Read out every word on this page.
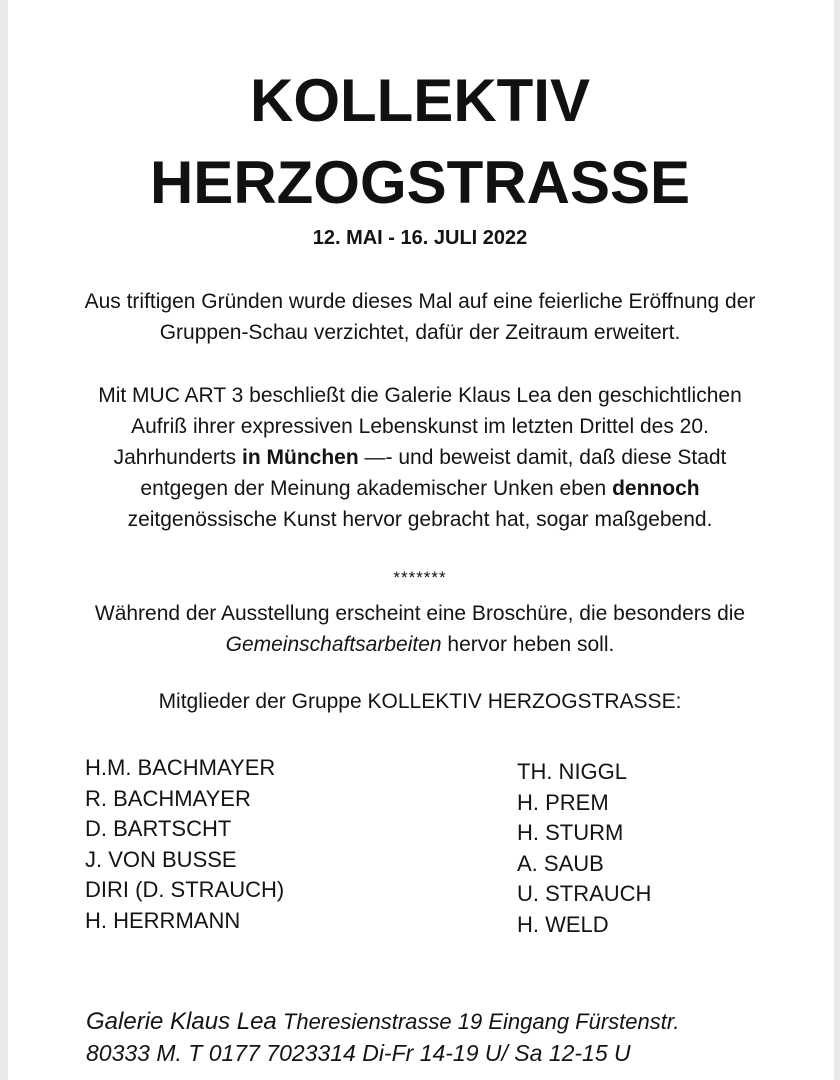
KOLLEKTIV
HERZOGSTRASSE
12. MAI - 16. JULI 2022
Aus triftigen Gründen wurde dieses Mal auf eine feierliche Eröffnung der Gruppen-Schau verzichtet, dafür der Zeitraum erweitert.
Mit MUC ART 3 beschließt die Galerie Klaus Lea den geschichtlichen Aufriß ihrer expressiven Lebenskunst im letzten Drittel des 20. Jahrhunderts in München —- und beweist damit, daß diese Stadt entgegen der Meinung akademischer Unken eben dennoch zeitgenössische Kunst hervor gebracht hat, sogar maßgebend.
*******
Während der Ausstellung erscheint eine Broschüre, die besonders die Gemeinschaftsarbeiten hervor heben soll.
Mitglieder der Gruppe KOLLEKTIV HERZOGSTRASSE:
H.M. BACHMAYER
R. BACHMAYER
D. BARTSCHT
J. VON BUSSE
DIRI (D. STRAUCH)
H. HERRMANN
TH. NIGGL
H. PREM
H. STURM
A. SAUB
U. STRAUCH
H. WELD
Galerie Klaus Lea Theresienstrasse 19 Eingang Fürstenstr.
80333 M. T 0177 7023314 Di-Fr 14-19 U/ Sa 12-15 U
